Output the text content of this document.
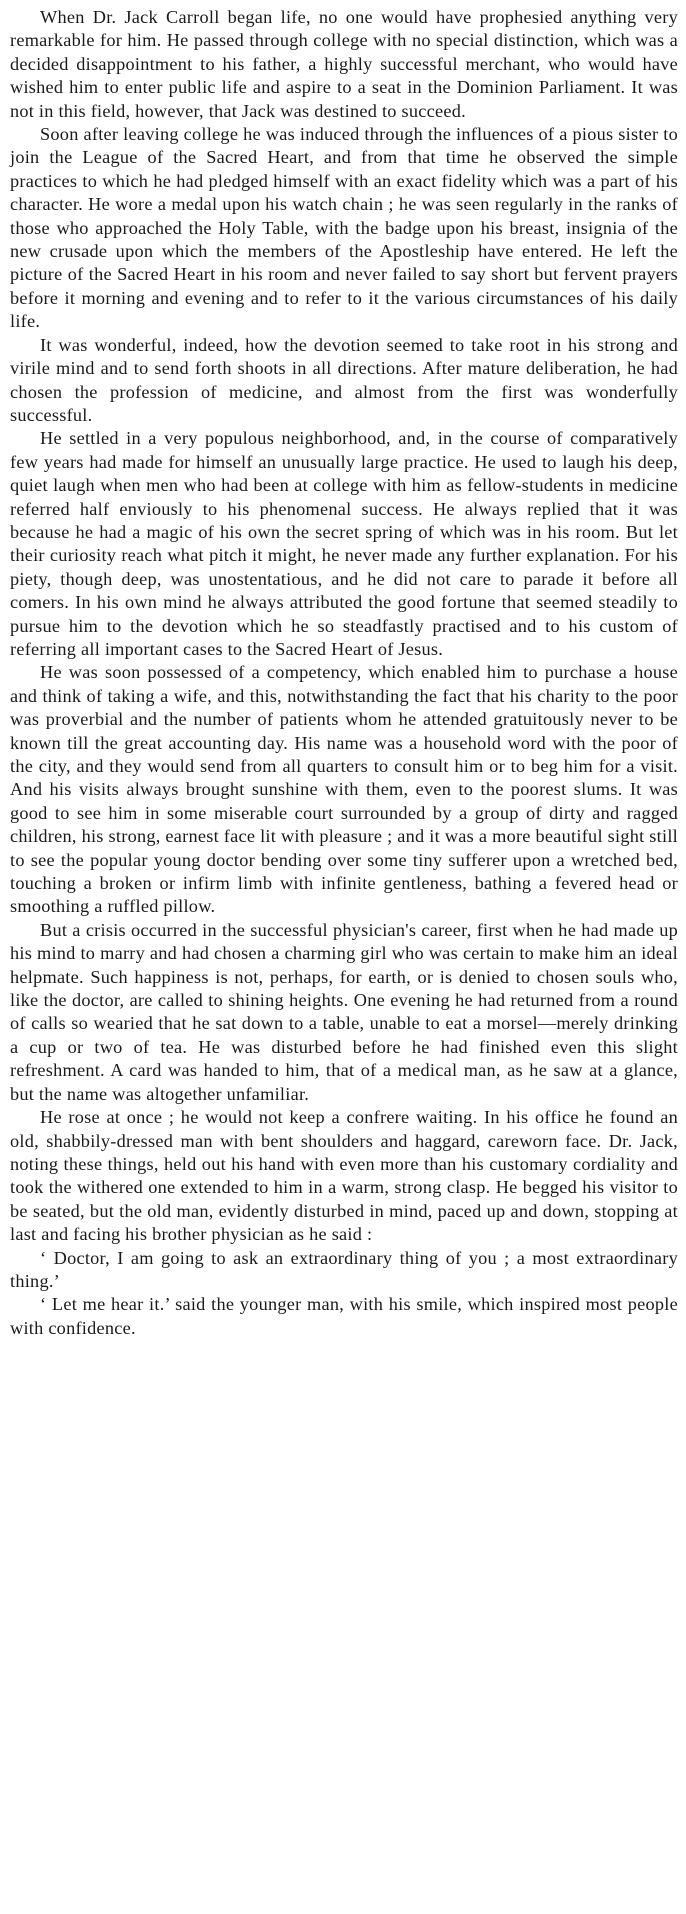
When Dr. Jack Carroll began life, no one would have prophesied anything very remarkable for him. He passed through college with no special distinction, which was a decided disappointment to his father, a highly successful merchant, who would have wished him to enter public life and aspire to a seat in the Dominion Parliament. It was not in this field, however, that Jack was destined to succeed.

Soon after leaving college he was induced through the influences of a pious sister to join the League of the Sacred Heart, and from that time he observed the simple practices to which he had pledged himself with an exact fidelity which was a part of his character. He wore a medal upon his watch chain ; he was seen regularly in the ranks of those who approached the Holy Table, with the badge upon his breast, insignia of the new crusade upon which the members of the Apostleship have entered. He left the picture of the Sacred Heart in his room and never failed to say short but fervent prayers before it morning and evening and to refer to it the various circumstances of his daily life.

It was wonderful, indeed, how the devotion seemed to take root in his strong and virile mind and to send forth shoots in all directions. After mature deliberation, he had chosen the profession of medicine, and almost from the first was wonderfully successful.

He settled in a very populous neighborhood, and, in the course of comparatively few years had made for himself an unusually large practice. He used to laugh his deep, quiet laugh when men who had been at college with him as fellow-students in medicine referred half enviously to his phenomenal success. He always replied that it was because he had a magic of his own the secret spring of which was in his room. But let their curiosity reach what pitch it might, he never made any further explanation. For his piety, though deep, was unostentatious, and he did not care to parade it before all comers. In his own mind he always attributed the good fortune that seemed steadily to pursue him to the devotion which he so steadfastly practised and to his custom of referring all important cases to the Sacred Heart of Jesus.

He was soon possessed of a competency, which enabled him to purchase a house and think of taking a wife, and this, notwithstanding the fact that his charity to the poor was proverbial and the number of patients whom he attended gratuitously never to be known till the great accounting day. His name was a household word with the poor of the city, and they would send from all quarters to consult him or to beg him for a visit. And his visits always brought sunshine with them, even to the poorest slums. It was good to see him in some miserable court surrounded by a group of dirty and ragged children, his strong, earnest face lit with pleasure ; and it was a more beautiful sight still to see the popular young doctor bending over some tiny sufferer upon a wretched bed, touching a broken or infirm limb with infinite gentleness, bathing a fevered head or smoothing a ruffled pillow.

But a crisis occurred in the successful physician's career, first when he had made up his mind to marry and had chosen a charming girl who was certain to make him an ideal helpmate. Such happiness is not, perhaps, for earth, or is denied to chosen souls who, like the doctor, are called to shining heights. One evening he had returned from a round of calls so wearied that he sat down to a table, unable to eat a morsel—merely drinking a cup or two of tea. He was disturbed before he had finished even this slight refreshment. A card was handed to him, that of a medical man, as he saw at a glance, but the name was altogether unfamiliar.

He rose at once ; he would not keep a confrere waiting. In his office he found an old, shabbily-dressed man with bent shoulders and haggard, careworn face. Dr. Jack, noting these things, held out his hand with even more than his customary cordiality and took the withered one extended to him in a warm, strong clasp. He begged his visitor to be seated, but the old man, evidently disturbed in mind, paced up and down, stopping at last and facing his brother physician as he said :

‘ Doctor, I am going to ask an extraordinary thing of you ; a most extraordinary thing.’

‘ Let me hear it.’ said the younger man, with his smile, which inspired most people with confidence.
